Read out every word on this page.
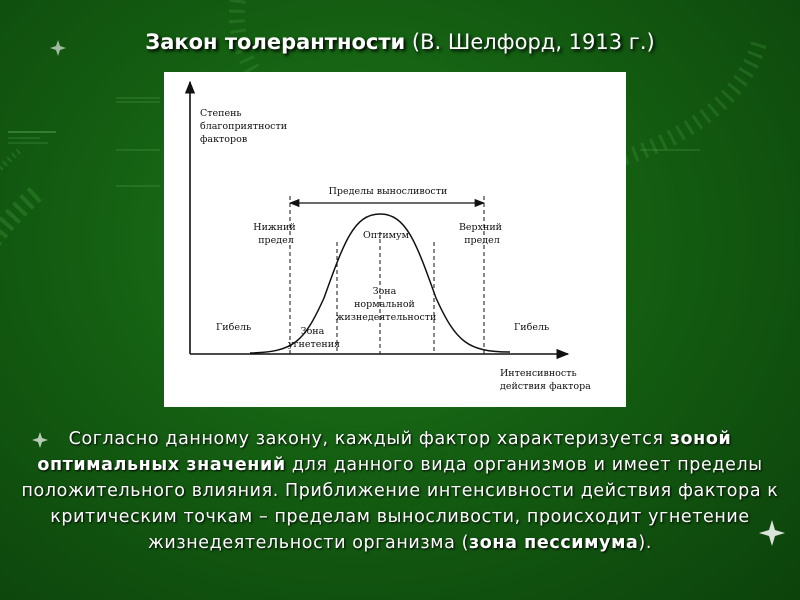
Закон толерантности (В. Шелфорд, 1913 г.)
Степень благоприятности факторов
Интенсивность действия фактора
Пределы выносливости
Нижний предел
Верхний предел
Оптимум
Зона нормальной жизнедеятельности
Зона угнетения
Гибель	Гибель
Согласно данному закону, каждый фактор характеризуется зоной оптимальных значений для данного вида организмов и имеет пределы положительного влияния. Приближение интенсивности действия фактора к критическим точкам – пределам выносливости, происходит угнетение жизнедеятельности организма (зона пессимума).
